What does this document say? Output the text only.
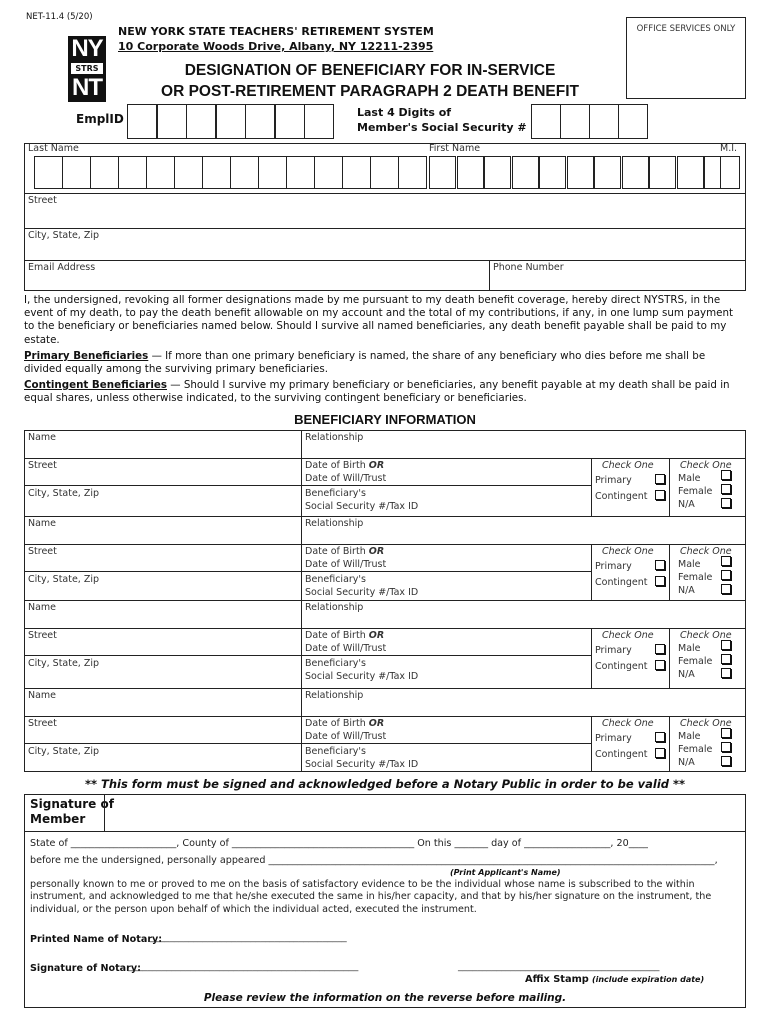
NET-11.4 (5/20)
NY
STRS
NT
NEW YORK STATE TEACHERS' RETIREMENT SYSTEM
10 Corporate Woods Drive, Albany, NY 12211-2395
OFFICE SERVICES ONLY
DESIGNATION OF BENEFICIARY FOR IN-SERVICE
OR POST-RETIREMENT PARAGRAPH 2 DEATH BENEFIT
EmplID	Last 4 Digits of
Member's Social Security #
Last Name	First Name	M.I.
Street
City, State, Zip
Email Address	Phone Number
I, the undersigned, revoking all former designations made by me pursuant to my death benefit coverage, hereby direct NYSTRS, in the event of my death, to pay the death benefit allowable on my account and the total of my contributions, if any, in one lump sum payment to the beneficiary or beneficiaries named below. Should I survive all named beneficiaries, any death benefit payable shall be paid to my estate.
Primary Beneficiaries — If more than one primary beneficiary is named, the share of any beneficiary who dies before me shall be divided equally among the surviving primary beneficiaries.
Contingent Beneficiaries — Should I survive my primary beneficiary or beneficiaries, any benefit payable at my death shall be paid in equal shares, unless otherwise indicated, to the surviving contingent beneficiary or beneficiaries.
BENEFICIARY INFORMATION
Name	Relationship
Street	Date of Birth OR
Date of Will/Trust
Check One	Check One
Primary
Contingent
Male
Female
N/A
City, State, Zip	Beneficiary's
Social Security #/Tax ID
Name	Relationship
Street	Date of Birth OR
Date of Will/Trust
Check One	Check One
Primary
Contingent
Male
Female
N/A
City, State, Zip	Beneficiary's
Social Security #/Tax ID
Name	Relationship
Street	Date of Birth OR
Date of Will/Trust
Check One	Check One
Primary
Contingent
Male
Female
N/A
City, State, Zip	Beneficiary's
Social Security #/Tax ID
Name	Relationship
Street	Date of Birth OR
Date of Will/Trust
Check One	Check One
Primary
Contingent
Male
Female
N/A
City, State, Zip	Beneficiary's
Social Security #/Tax ID
** This form must be signed and acknowledged before a Notary Public in order to be valid **
Signature of
Member
State of ______________________, County of ______________________________________ On this _______ day of __________________, 20____
before me the undersigned, personally appeared _____________________________________________________________________________________________,
(Print Applicant's Name)
personally known to me or proved to me on the basis of satisfactory evidence to be the individual whose name is subscribed to the within instrument, and acknowledged to me that he/she executed the same in his/her capacity, and that by his/her signature on the instrument, the individual, or the person upon behalf of which the individual acted, executed the instrument.
Printed Name of Notary:
_________________________________________
Signature of Notary:
________________________________________________	__________________________________________
Affix Stamp (include expiration date)
Please review the information on the reverse before mailing.
